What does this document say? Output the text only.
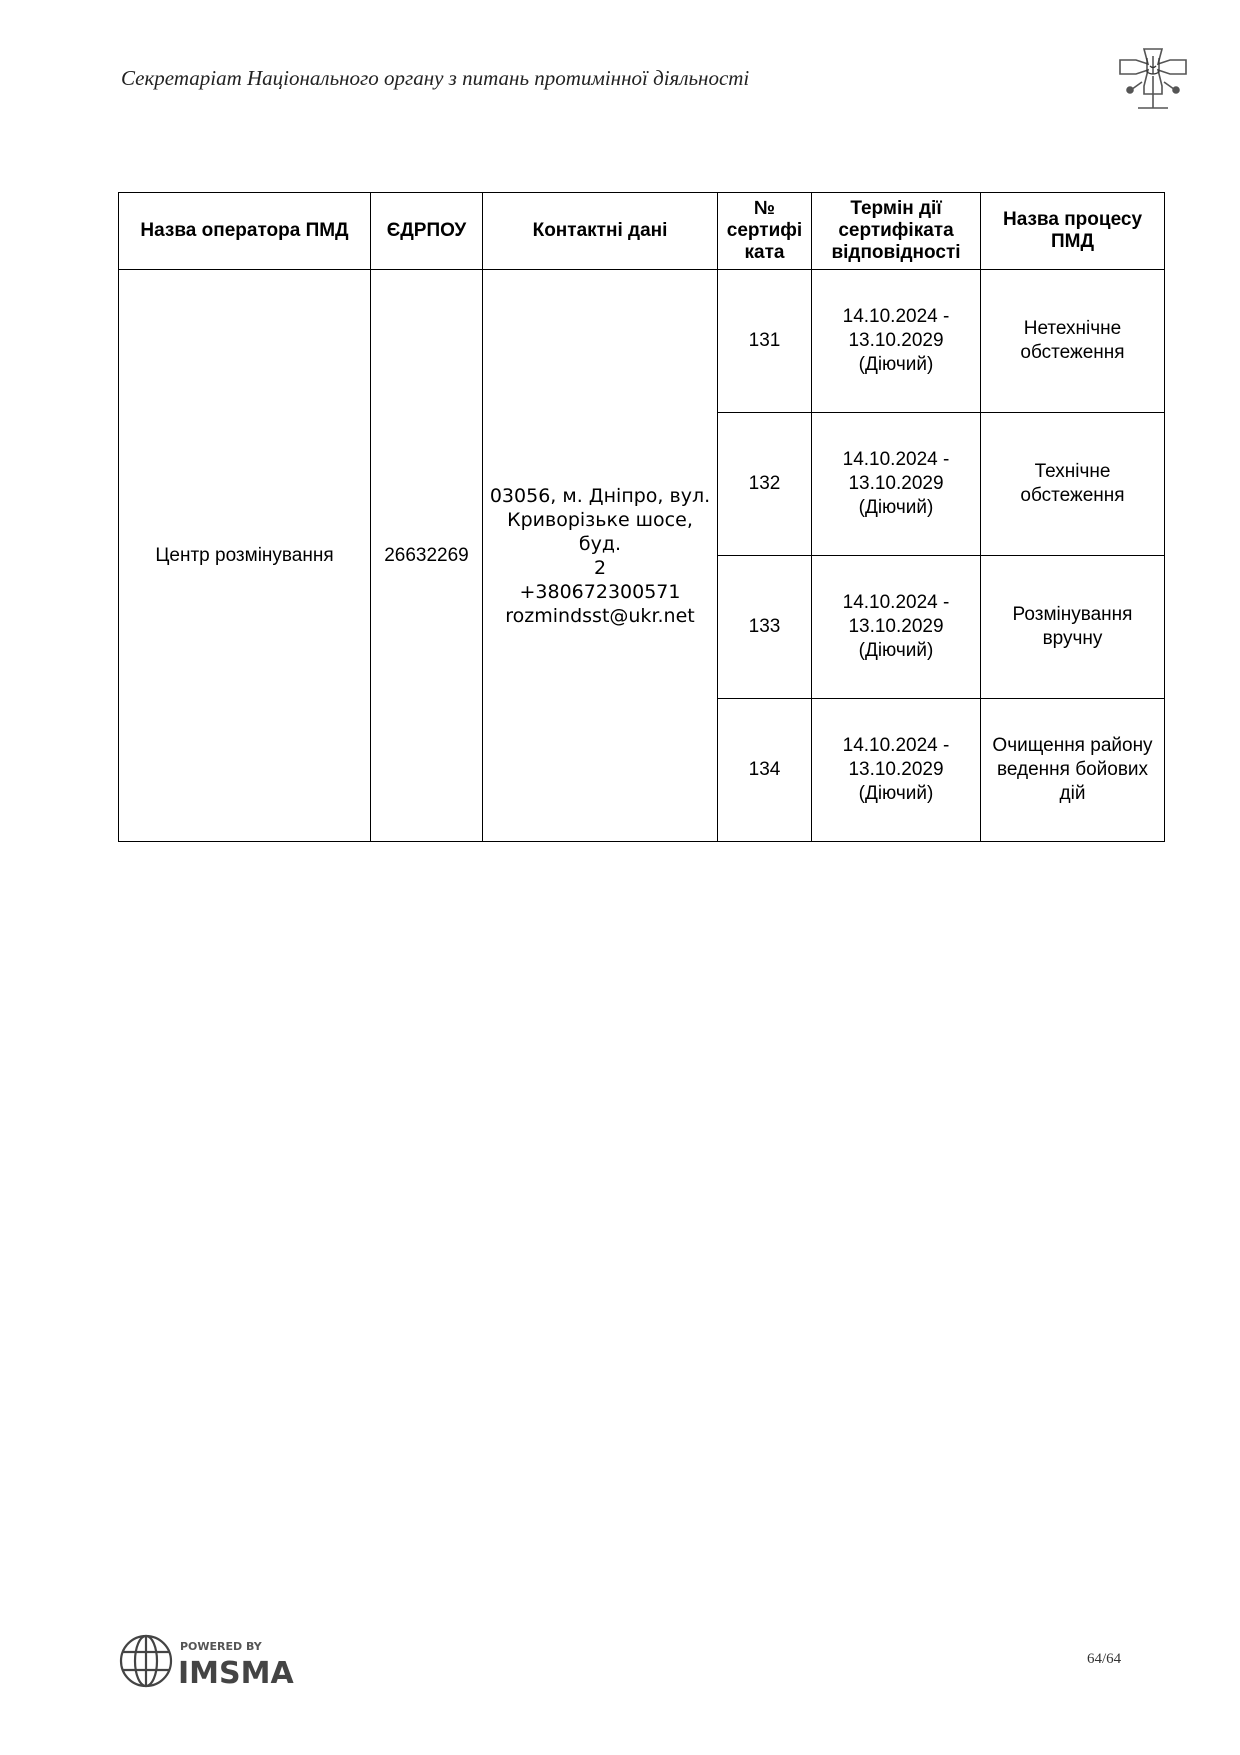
Секретаріат Національного органу з питань протимінної діяльності
Назва оператора ПМД	ЄДРПОУ	Контактні дані	№
сертифі
ката	Термін дії
сертифіката
відповідності	Назва процесу
ПМД

Центр розмінування	26632269	03056, м. Дніпро, вул.
Криворізьке шосе, буд.
2
+380672300571
rozmindsst@ukr.net	131	14.10.2024 -
13.10.2029
(Діючий)	Нетехнічне
обстеження

			132	14.10.2024 -
13.10.2029
(Діючий)	Технічне
обстеження

			133	14.10.2024 -
13.10.2029
(Діючий)	Розмінування
вручну

			134	14.10.2024 -
13.10.2029
(Діючий)	Очищення району
ведення бойових
дій
POWERED BY
IMSMA	64/64
